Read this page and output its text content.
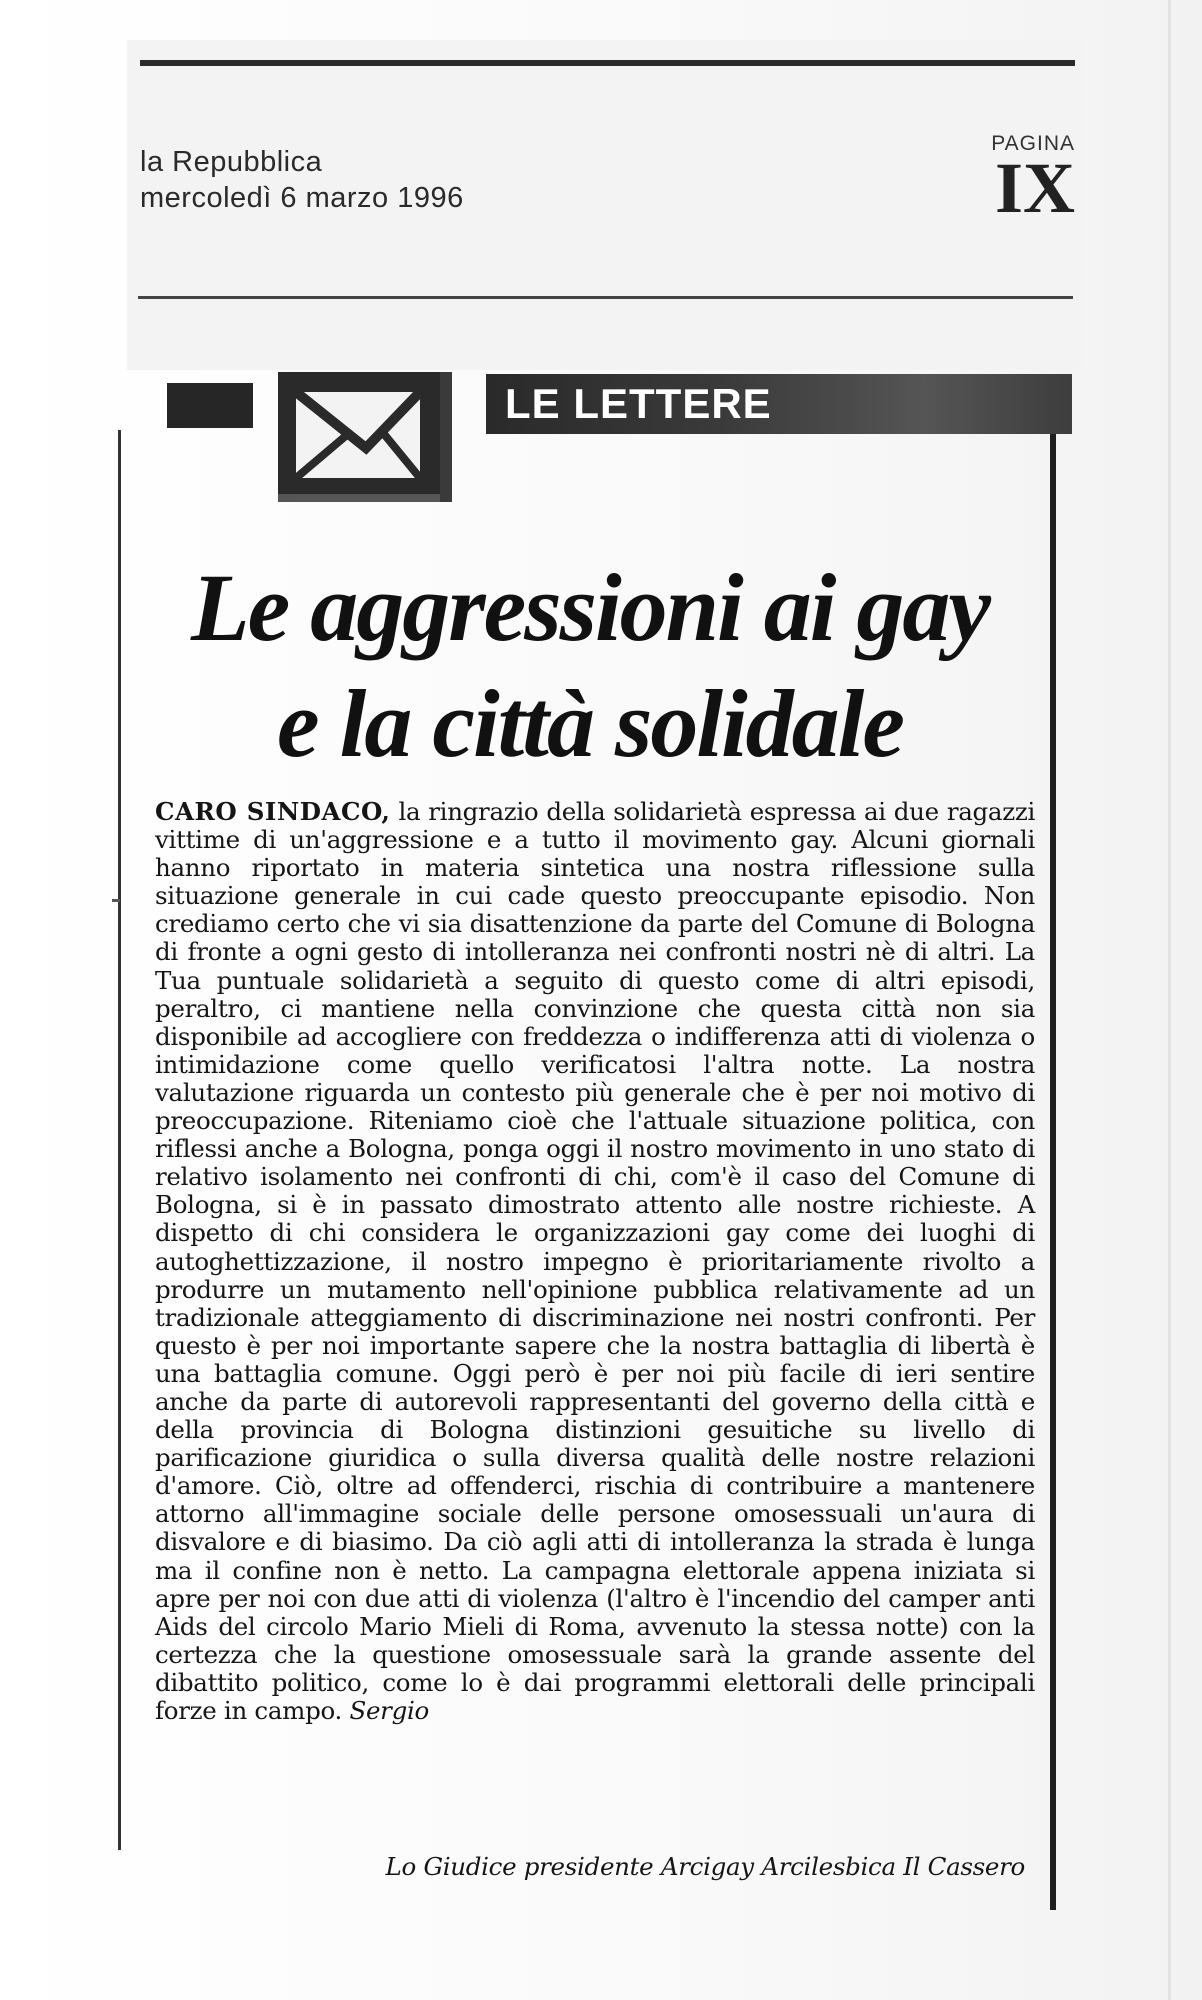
la Repubblica
mercoledì 6 marzo 1996
PAGINA
IX
LE LETTERE
Le aggressioni ai gay
e la città solidale
CARO SINDACO, la ringrazio della solidarietà espressa ai due ragazzi vittime di un'aggressione e a tutto il movimento gay. Alcuni giornali hanno riportato in materia sintetica una nostra riflessione sulla situazione generale in cui cade questo preoccupante episodio. Non crediamo certo che vi sia disattenzione da parte del Comune di Bologna di fronte a ogni gesto di intolleranza nei confronti nostri nè di altri. La Tua puntuale solidarietà a seguito di questo come di altri episodi, peraltro, ci mantiene nella convinzione che questa città non sia disponibile ad accogliere con freddezza o indifferenza atti di violenza o intimidazione come quello verificatosi l'altra notte. La nostra valutazione riguarda un contesto più generale che è per noi motivo di preoccupazione. Riteniamo cioè che l'attuale situazione politica, con riflessi anche a Bologna, ponga oggi il nostro movimento in uno stato di relativo isolamento nei confronti di chi, com'è il caso del Comune di Bologna, si è in passato dimostrato attento alle nostre richieste. A dispetto di chi considera le organizzazioni gay come dei luoghi di autoghettizzazione, il nostro impegno è prioritariamente rivolto a produrre un mutamento nell'opinione pubblica relativamente ad un tradizionale atteggiamento di discriminazione nei nostri confronti. Per questo è per noi importante sapere che la nostra battaglia di libertà è una battaglia comune. Oggi però è per noi più facile di ieri sentire anche da parte di autorevoli rappresentanti del governo della città e della provincia di Bologna distinzioni gesuitiche su livello di parificazione giuridica o sulla diversa qualità delle nostre relazioni d'amore. Ciò, oltre ad offenderci, rischia di contribuire a mantenere attorno all'immagine sociale delle persone omosessuali un'aura di disvalore e di biasimo. Da ciò agli atti di intolleranza la strada è lunga ma il confine non è netto. La campagna elettorale appena iniziata si apre per noi con due atti di violenza (l'altro è l'incendio del camper anti Aids del circolo Mario Mieli di Roma, avvenuto la stessa notte) con la certezza che la questione omosessuale sarà la grande assente del dibattito politico, come lo è dai programmi elettorali delle principali forze in campo. Sergio
Lo Giudice presidente Arcigay Arcilesbica Il Cassero
